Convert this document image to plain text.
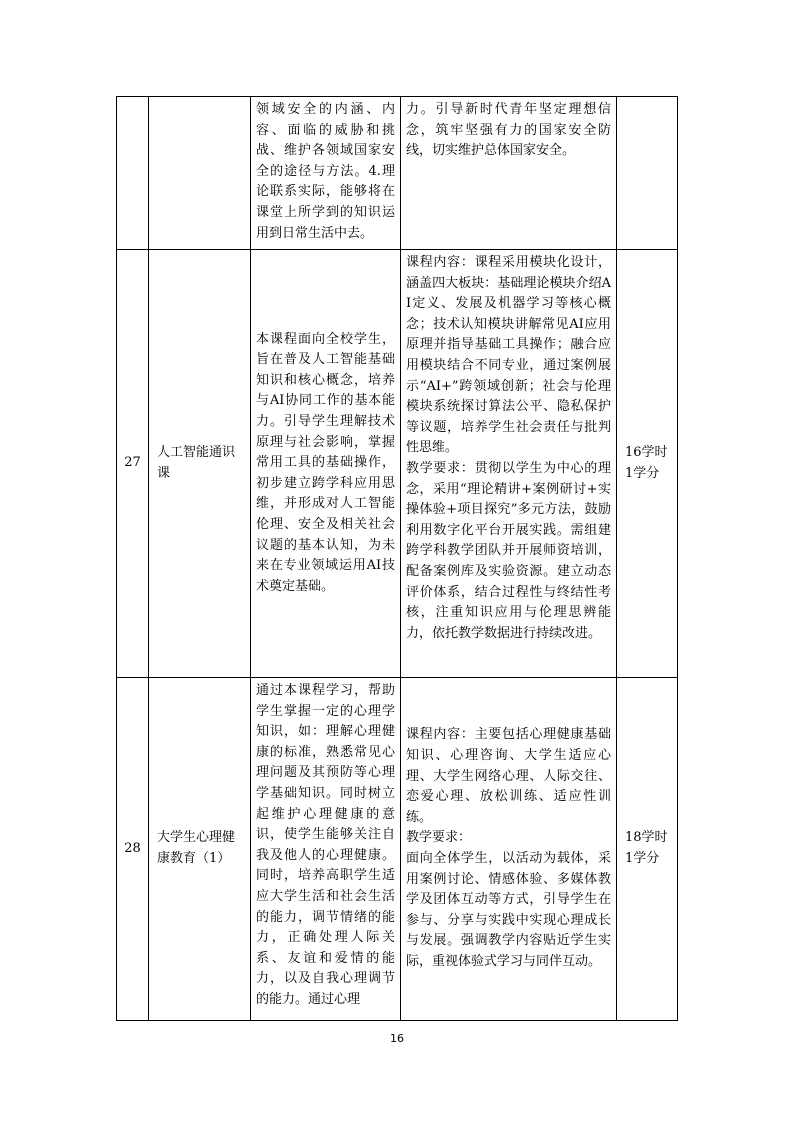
		领域安全的内涵、内容、面临的威胁和挑战、维护各领域国家安全的途径与方法。4.理论联系实际，能够将在课堂上所学到的知识运用到日常生活中去。	力。引导新时代青年坚定理想信念，筑牢坚强有力的国家安全防线，切实维护总体国家安全。	
27	人工智能通识课	本课程面向全校学生，旨在普及人工智能基础知识和核心概念，培养与AI协同工作的基本能力。引导学生理解技术原理与社会影响，掌握常用工具的基础操作，初步建立跨学科应用思维，并形成对人工智能伦理、安全及相关社会议题的基本认知，为未来在专业领域运用AI技术奠定基础。	课程内容：课程采用模块化设计，涵盖四大板块：基础理论模块介绍AI定义、发展及机器学习等核心概念；技术认知模块讲解常见AI应用原理并指导基础工具操作；融合应用模块结合不同专业，通过案例展示“AI+”跨领域创新；社会与伦理模块系统探讨算法公平、隐私保护等议题，培养学生社会责任与批判性思维。
教学要求：贯彻以学生为中心的理念，采用“理论精讲+案例研讨+实操体验+项目探究”多元方法，鼓励利用数字化平台开展实践。需组建跨学科教学团队并开展师资培训，配备案例库及实验资源。建立动态评价体系，结合过程性与终结性考核，注重知识应用与伦理思辨能力，依托教学数据进行持续改进。	16学时
1学分
28	大学生心理健康教育（1）	通过本课程学习，帮助学生掌握一定的心理学知识，如：理解心理健康的标准，熟悉常见心理问题及其预防等心理学基础知识。同时树立起维护心理健康的意识，使学生能够关注自我及他人的心理健康。同时，培养高职学生适应大学生活和社会生活的能力，调节情绪的能力，正确处理人际关系、友谊和爱情的能力，以及自我心理调节的能力。通过心理	课程内容：主要包括心理健康基础知识、心理咨询、大学生适应心理、大学生网络心理、人际交往、恋爱心理、放松训练、适应性训练。
教学要求：
面向全体学生，以活动为载体，采用案例讨论、情感体验、多媒体教学及团体互动等方式，引导学生在参与、分享与实践中实现心理成长与发展。强调教学内容贴近学生实际，重视体验式学习与同伴互动。	18学时
1学分
16
